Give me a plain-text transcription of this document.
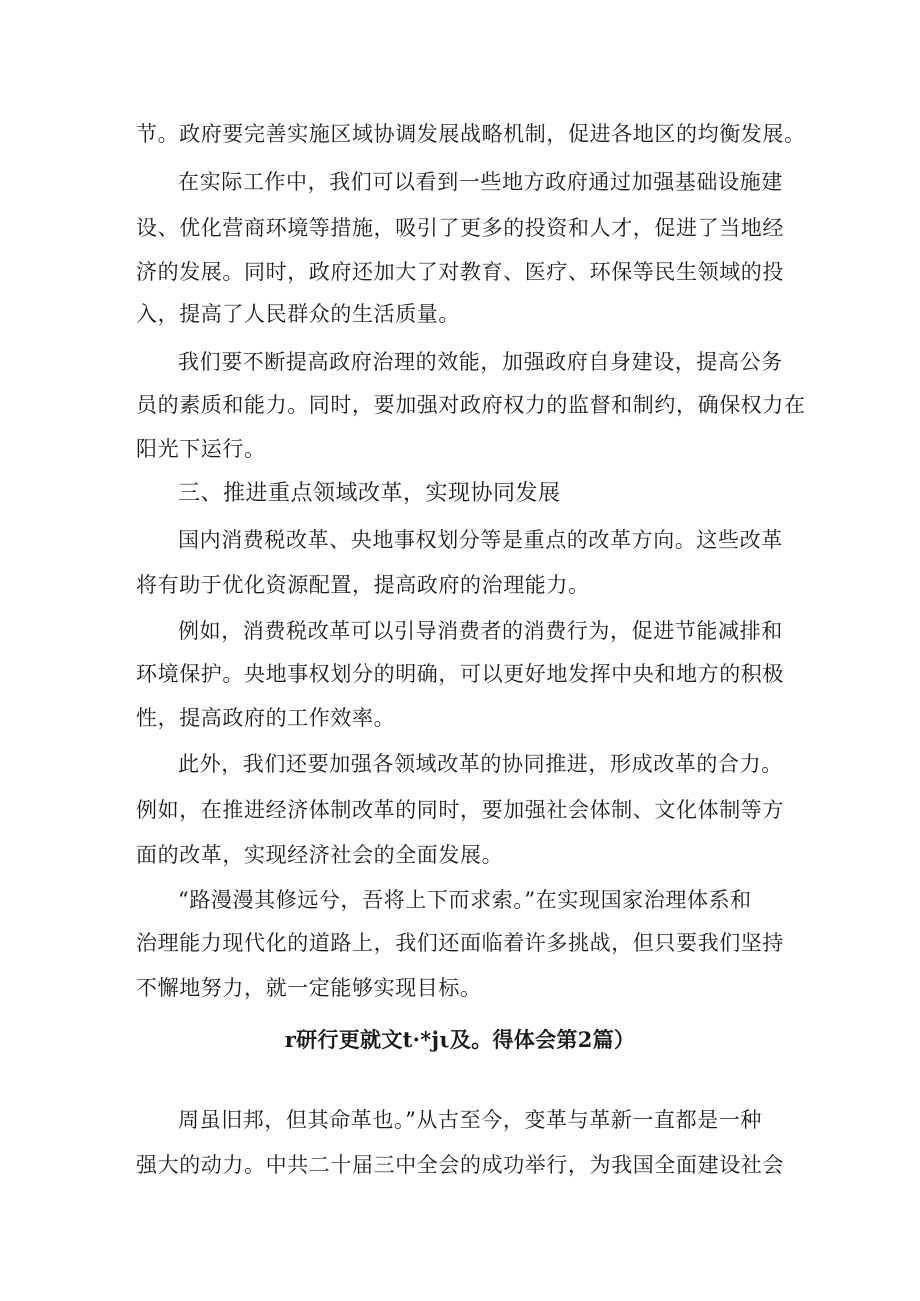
节。政府要完善实施区域协调发展战略机制，促进各地区的均衡发展。
在实际工作中，我们可以看到一些地方政府通过加强基础设施建
设、优化营商环境等措施，吸引了更多的投资和人才，促进了当地经
济的发展。同时，政府还加大了对教育、医疗、环保等民生领域的投
入，提高了人民群众的生活质量。
我们要不断提高政府治理的效能，加强政府自身建设，提高公务
员的素质和能力。同时，要加强对政府权力的监督和制约，确保权力在
阳光下运行。
三、推进重点领域改革，实现协同发展
国内消费税改革、央地事权划分等是重点的改革方向。这些改革
将有助于优化资源配置，提高政府的治理能力。
例如，消费税改革可以引导消费者的消费行为，促进节能减排和
环境保护。央地事权划分的明确，可以更好地发挥中央和地方的积极
性，提高政府的工作效率。
此外，我们还要加强各领域改革的协同推进，形成改革的合力。
例如，在推进经济体制改革的同时，要加强社会体制、文化体制等方
面的改革，实现经济社会的全面发展。
“路漫漫其修远兮，吾将上下而求索。”在实现国家治理体系和
治理能力现代化的道路上，我们还面临着许多挑战，但只要我们坚持
不懈地努力，就一定能够实现目标。
r研行更就文t·*jι及。得体会第2篇）
周虽旧邦，但其命革也。”从古至今，变革与革新一直都是一种
强大的动力。中共二十届三中全会的成功举行，为我国全面建设社会
